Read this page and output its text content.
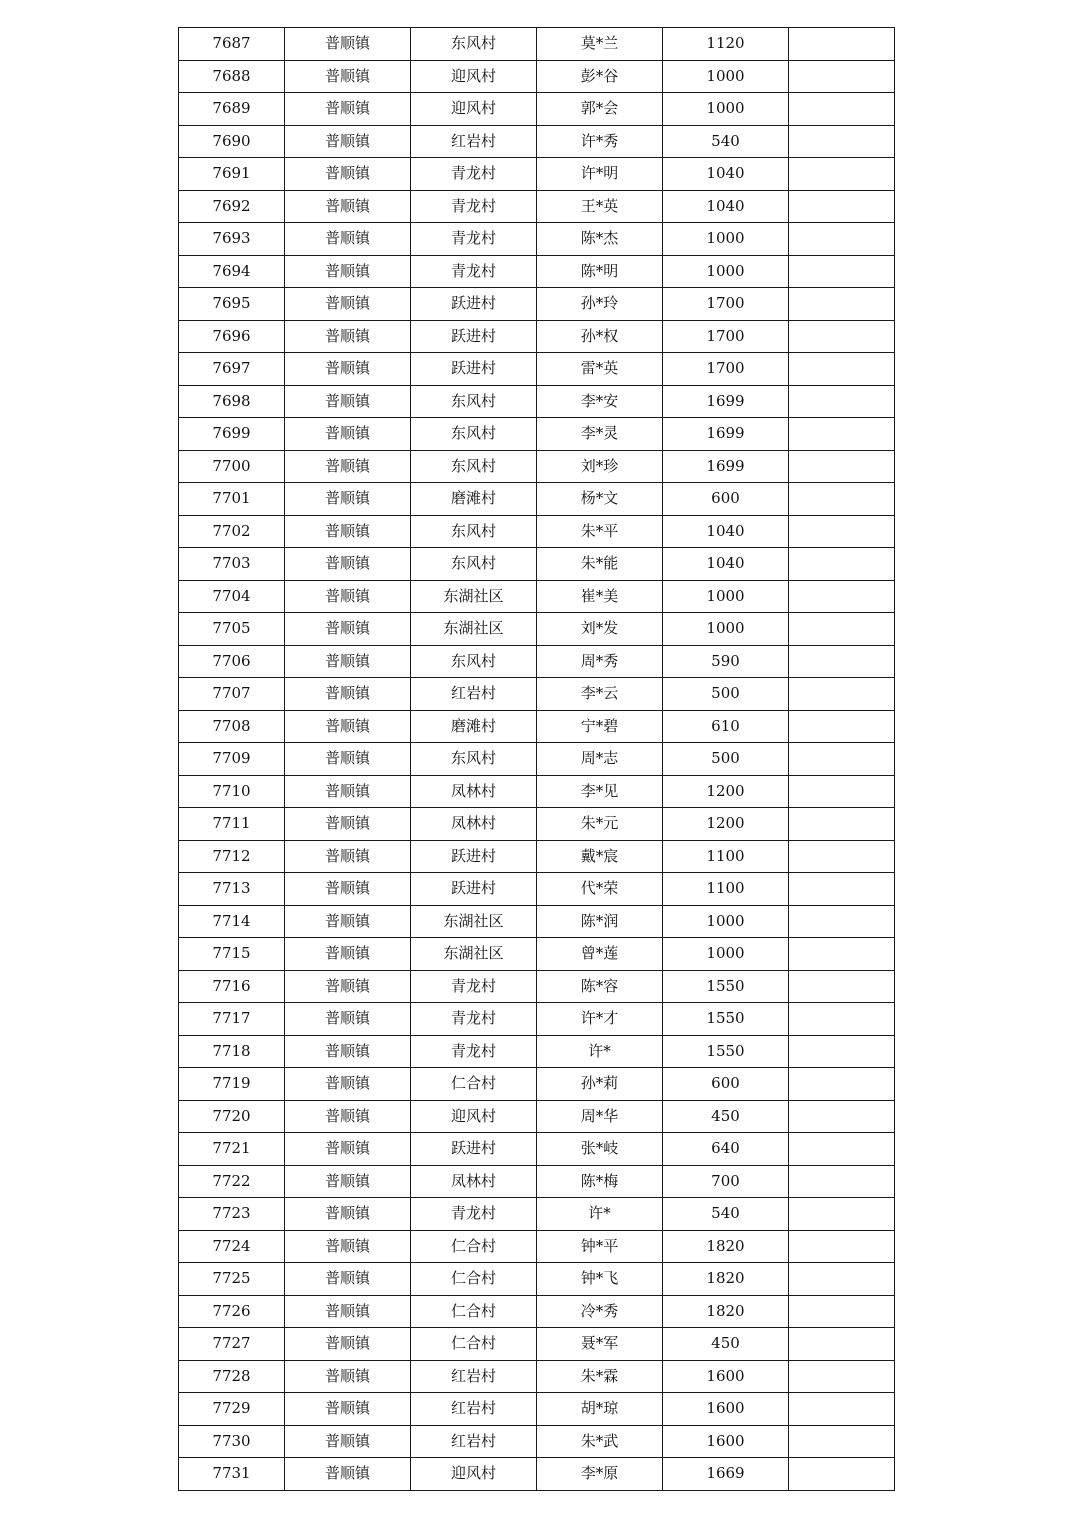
7687	普顺镇	东风村	莫*兰	1120	
7688	普顺镇	迎风村	彭*谷	1000	
7689	普顺镇	迎风村	郭*会	1000	
7690	普顺镇	红岩村	许*秀	540	
7691	普顺镇	青龙村	许*明	1040	
7692	普顺镇	青龙村	王*英	1040	
7693	普顺镇	青龙村	陈*杰	1000	
7694	普顺镇	青龙村	陈*明	1000	
7695	普顺镇	跃进村	孙*玲	1700	
7696	普顺镇	跃进村	孙*权	1700	
7697	普顺镇	跃进村	雷*英	1700	
7698	普顺镇	东风村	李*安	1699	
7699	普顺镇	东风村	李*灵	1699	
7700	普顺镇	东风村	刘*珍	1699	
7701	普顺镇	磨滩村	杨*文	600	
7702	普顺镇	东风村	朱*平	1040	
7703	普顺镇	东风村	朱*能	1040	
7704	普顺镇	东湖社区	崔*美	1000	
7705	普顺镇	东湖社区	刘*发	1000	
7706	普顺镇	东风村	周*秀	590	
7707	普顺镇	红岩村	李*云	500	
7708	普顺镇	磨滩村	宁*碧	610	
7709	普顺镇	东风村	周*志	500	
7710	普顺镇	凤林村	李*见	1200	
7711	普顺镇	凤林村	朱*元	1200	
7712	普顺镇	跃进村	戴*宸	1100	
7713	普顺镇	跃进村	代*荣	1100	
7714	普顺镇	东湖社区	陈*润	1000	
7715	普顺镇	东湖社区	曾*莲	1000	
7716	普顺镇	青龙村	陈*容	1550	
7717	普顺镇	青龙村	许*才	1550	
7718	普顺镇	青龙村	许*	1550	
7719	普顺镇	仁合村	孙*莉	600	
7720	普顺镇	迎风村	周*华	450	
7721	普顺镇	跃进村	张*岐	640	
7722	普顺镇	凤林村	陈*梅	700	
7723	普顺镇	青龙村	许*	540	
7724	普顺镇	仁合村	钟*平	1820	
7725	普顺镇	仁合村	钟*飞	1820	
7726	普顺镇	仁合村	冷*秀	1820	
7727	普顺镇	仁合村	聂*军	450	
7728	普顺镇	红岩村	朱*霖	1600	
7729	普顺镇	红岩村	胡*琼	1600	
7730	普顺镇	红岩村	朱*武	1600	
7731	普顺镇	迎风村	李*原	1669	
